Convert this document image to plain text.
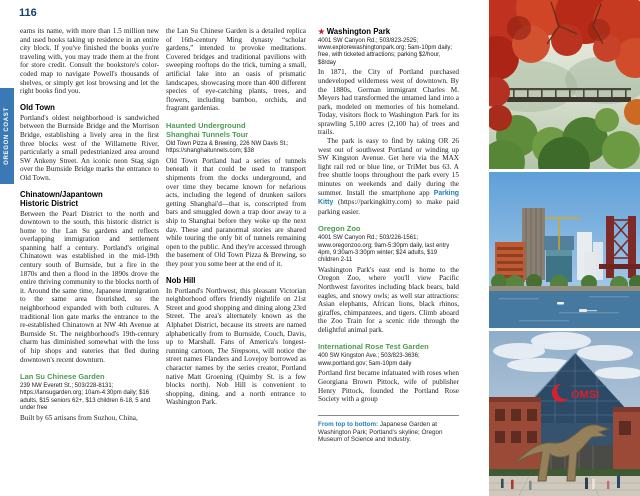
116
OREGON COAST

earns its name, with more than 1.5 million new and used books taking up residence in an entire city block. If you've finished the books you're traveling with, you may trade them at the front for store credit. Consult the bookstore's color-coded map to navigate Powell's thousands of shelves, or simply get lost browsing and let the right books find you.

Old Town

Portland's oldest neighborhood is sandwiched between the Burnside Bridge and the Morrison Bridge, establishing a lively area in the first three blocks west of the Willamette River, particularly a small pedestrianized area around SW Ankeny Street. An iconic neon Stag sign over the Burnside Bridge marks the entrance to Old Town.

Chinatown/Japantown
Historic District

Between the Pearl District to the north and downtown to the south, this historic district is home to the Lan Su gardens and reflects overlapping immigration and settlement spanning half a century. Portland's original Chinatown was established in the mid-19th century south of Burnside, but a fire in the 1870s and then a flood in the 1890s drove the entire thriving community to the blocks north of it. Around the same time, Japanese immigration to the same area flourished, so the neighborhood expanded with both cultures. A traditional lion gate marks the entrance to the re-established Chinatown at NW 4th Avenue at Burnside St. The neighborhood's 19th-century charm has diminished somewhat with the loss of hip shops and eateries that fled during downtown's recent downturn.

Lan Su Chinese Garden

239 NW Everett St.; 503/228-8131; https://lansugarden.org; 10am-4:30pm daily; $16 adults, $15 seniors 62+, $13 children 6-18, 5 and under free

Built by 65 artisans from Suzhou, China,

the Lan Su Chinese Garden is a detailed replica of 16th-century Ming dynasty “scholar gardens,” intended to provoke meditations. Covered bridges and traditional pavilions with sweeping rooftops do the trick, turning a small, artificial lake into an oasis of prismatic landscapes, showcasing more than 400 different species of eye-catching plants, trees, and flowers, including bamboo, orchids, and fragrant gardenias.

Haunted Underground
Shanghai Tunnels Tour

Old Town Pizza & Brewing, 226 NW Davis St.; https://shanghaitunnels.com; $38

Old Town Portland had a series of tunnels beneath it that could be used to transport shipments from the docks underground, and over time they became known for nefarious acts, including the legend of drunken sailors getting Shanghai'd—that is, conscripted from bars and smuggled down a trap door away to a ship to Shanghai before they woke up the next day. These and paranormal stories are shared while touring the only bit of tunnels remaining open to the public. And they're accessed through the basement of Old Town Pizza & Brewing, so they pour you some beer at the end of it.

Nob Hill

In Portland's Northwest, this pleasant Victorian neighborhood offers friendly nightlife on 21st Street and good shopping and dining along 23rd Street. The area's alternately known as the Alphabet District, because its streets are named alphabetically from to Burnside, Couch, Davis, up to Marshall. Fans of America's longest-running cartoon, The Simpsons, will notice the street names Flanders and Lovejoy borrowed as character names by the series creator, Portland native Matt Groening (Quimby St. is a few blocks north). Nob Hill is convenient to shopping, dining, and a north entrance to Washington Park.

★ Washington Park

4001 SW Canyon Rd.; 503/823-2525; www.explorewashingtonpark.org; 5am-10pm daily; free, with ticketed attractions; parking $2/hour, $8/day

In 1871, the City of Portland purchased undeveloped wilderness west of downtown. By the 1880s, German immigrant Charles M. Meyers had transformed the untamed land into a park, modeled on memories of his homeland. Today, visitors flock to Washington Park for its sprawling 5,100 acres (2,100 ha) of trees and trails.

The park is easy to find by taking OR 26 west out of southwest Portland or winding up SW Kingston Avenue. Get here via the MAX light rail red or blue line, or TriMet bus 63. A free shuttle loops throughout the park every 15 minutes on weekends and daily during the summer. Install the smartphone app Parking Kitty (https://parkingkitty.com) to make paid parking easier.

Oregon Zoo

4001 SW Canyon Rd.; 503/226-1561; www.oregonzoo.org; 9am-5:30pm daily, last entry 4pm, 9:30am-3:30pm winter; $24 adults, $19 children 2-11

Washington Park's east end is home to the Oregon Zoo, where you'll view Pacific Northwest favorites including black bears, bald eagles, and snowy owls; as well star attractions: Asian elephants, African lions, black rhinos, giraffes, chimpanzees, and tigers. Climb aboard the Zoo Train for a scenic ride through the delightful animal park.

International Rose Test Garden

400 SW Kingston Ave.; 503/823-3636; www.portland.gov; 5am-10pm daily

Portland first became infatuated with roses when Georgiana Brown Pittock, wife of publisher Henry Pittock, founded the Portland Rose Society with a group

From top to bottom: Japanese Garden at Washington Park; Portland's skyline; Oregon Museum of Science and Industry.
OMSI
